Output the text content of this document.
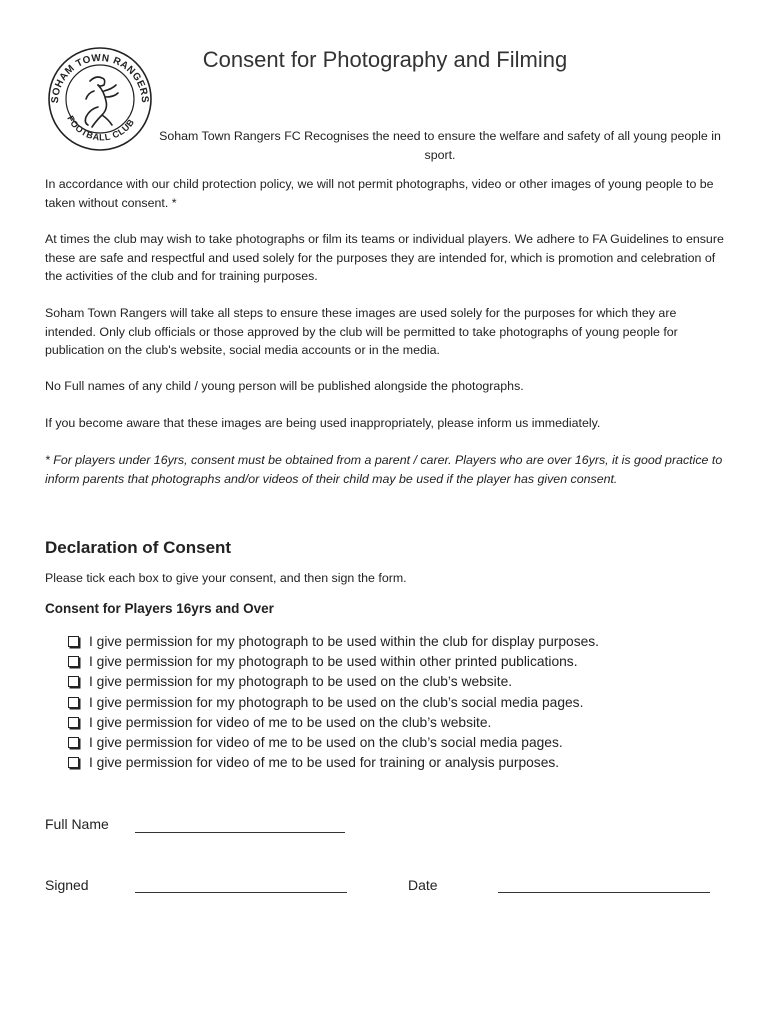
SOHAM TOWN RANGERS
FOOTBALL CLUB
Consent for Photography and Filming
Soham Town Rangers FC Recognises the need to ensure the welfare and safety of all young people in sport.

In accordance with our child protection policy, we will not permit photographs, video or other images of young people to be taken without consent. *

At times the club may wish to take photographs or film its teams or individual players. We adhere to FA Guidelines to ensure these are safe and respectful and used solely for the purposes they are intended for, which is promotion and celebration of the activities of the club and for training purposes.

Soham Town Rangers will take all steps to ensure these images are used solely for the purposes for which they are intended. Only club officials or those approved by the club will be permitted to take photographs of young people for publication on the club's website, social media accounts or in the media.

No Full names of any child / young person will be published alongside the photographs.

If you become aware that these images are being used inappropriately, please inform us immediately.

* For players under 16yrs, consent must be obtained from a parent / carer. Players who are over 16yrs, it is good practice to inform parents that photographs and/or videos of their child may be used if the player has given consent.

Declaration of Consent
Please tick each box to give your consent, and then sign the form.
Consent for Players 16yrs and Over
I give permission for my photograph to be used within the club for display purposes.
I give permission for my photograph to be used within other printed publications.
I give permission for my photograph to be used on the club’s website.
I give permission for my photograph to be used on the club’s social media pages.
I give permission for video of me to be used on the club’s website.
I give permission for video of me to be used on the club’s social media pages.
I give permission for video of me to be used for training or analysis purposes.
Full Name
Signed	Date
